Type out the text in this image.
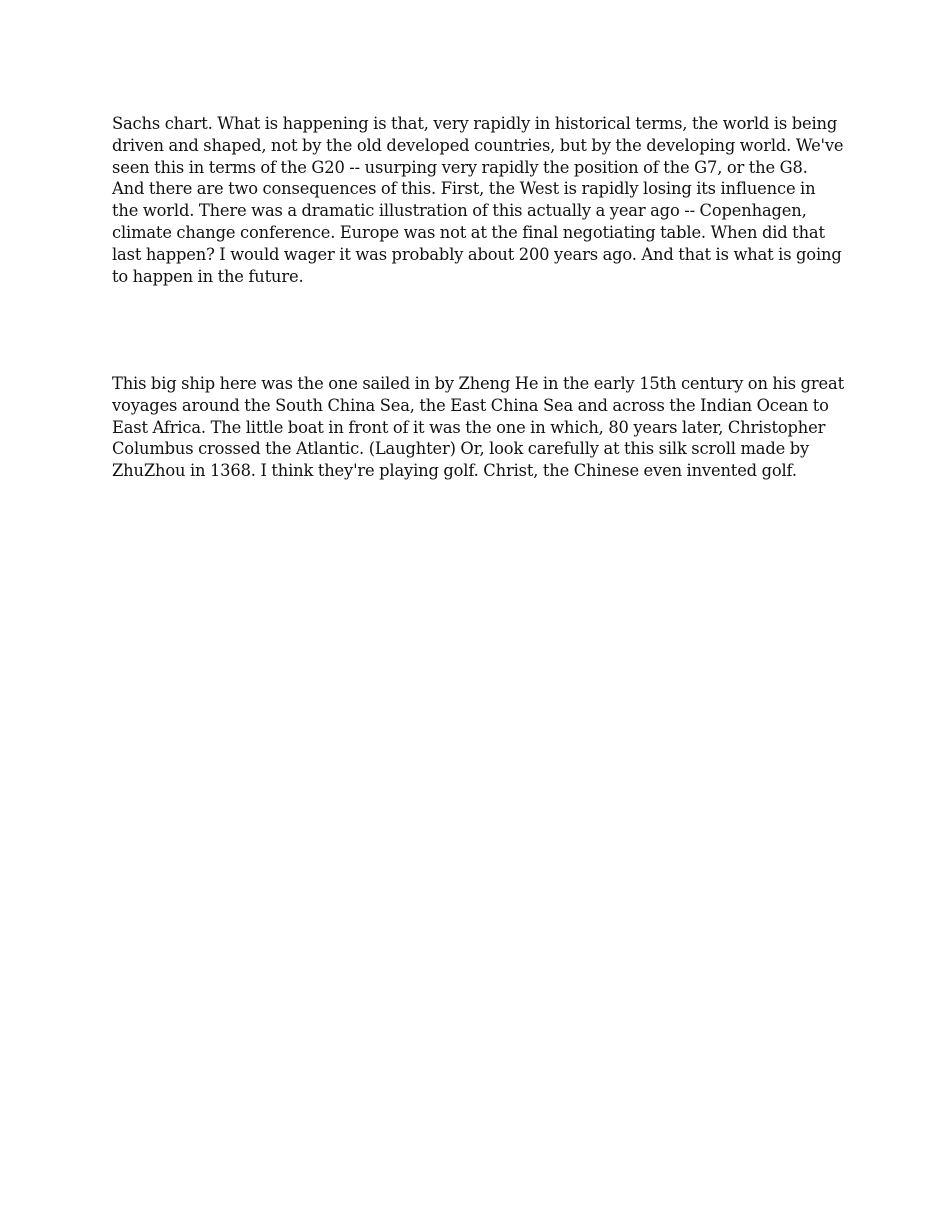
Sachs chart. What is happening is that, very rapidly in historical terms, the world is being driven and shaped, not by the old developed countries, but by the developing world. We've seen this in terms of the G20 -- usurping very rapidly the position of the G7, or the G8. And there are two consequences of this. First, the West is rapidly losing its influence in the world. There was a dramatic illustration of this actually a year ago -- Copenhagen, climate change conference. Europe was not at the final negotiating table. When did that last happen? I would wager it was probably about 200 years ago. And that is what is going to happen in the future.

This big ship here was the one sailed in by Zheng He in the early 15th century on his great voyages around the South China Sea, the East China Sea and across the Indian Ocean to East Africa. The little boat in front of it was the one in which, 80 years later, Christopher Columbus crossed the Atlantic. (Laughter) Or, look carefully at this silk scroll made by ZhuZhou in 1368. I think they're playing golf. Christ, the Chinese even invented golf.
